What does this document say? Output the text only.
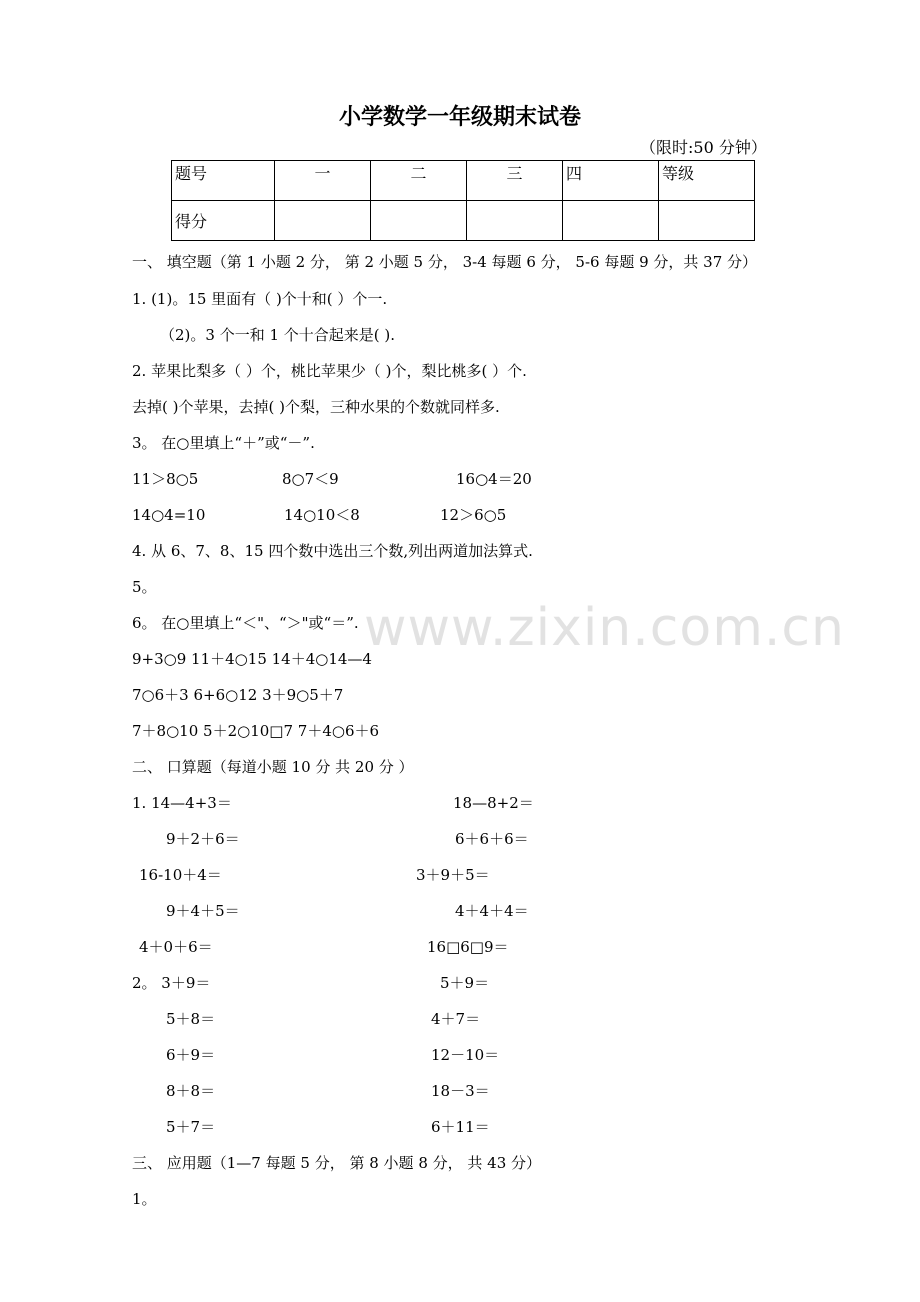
www.zixin.com.cn
小学数学一年级期末试卷
（限时:50 分钟）
题号	一	二	三	四	等级
得分					
一、 填空题（第 1 小题 2 分， 第 2 小题 5 分， 3-4 每题 6 分， 5-6 每题 9 分，共 37 分）
1. (1)。15 里面有（ )个十和( ）个一.
（2)。3 个一和 1 个十合起来是( ).
2. 苹果比梨多（ ）个，桃比苹果少（ )个，梨比桃多( ）个.
去掉( )个苹果，去掉( )个梨，三种水果的个数就同样多.
3。 在○里填上“＋”或“－”.
11＞8○5	8○7＜9	16○4＝20
14○4=10	14○10＜8	12＞6○5
4. 从 6、7、8、15 四个数中选出三个数,列出两道加法算式.
5。
6。 在○里填上“＜"、“＞"或“＝”.
9+3○9 11＋4○15 14＋4○14—4
7○6＋3 6+6○12 3＋9○5＋7
7＋8○10 5＋2○10□7 7＋4○6＋6
二、 口算题（每道小题 10 分 共 20 分 ）
1. 14—4+3＝	18—8+2＝
9＋2＋6＝	6＋6＋6＝
16-10＋4＝	3＋9＋5＝
9＋4＋5＝	4＋4＋4＝
4＋0＋6＝	16□6□9＝
2。 3＋9＝	5＋9＝
5＋8＝	4＋7＝
6＋9＝	12－10＝
8＋8＝	18－3＝
5＋7＝	6＋11＝
三、 应用题（1—7 每题 5 分， 第 8 小题 8 分， 共 43 分）
1。
